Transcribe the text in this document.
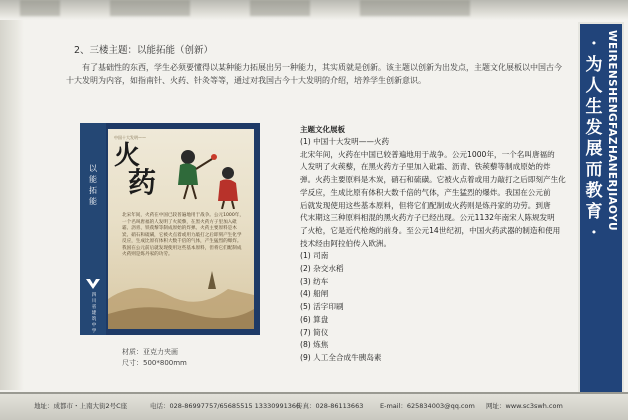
·为人生发展而教育·
WEIRENSHENGFAZHANERJIAOYU
2、三楼主题：以能拓能（创新）
有了基础性的东西，学生必须要懂得以某种能力拓展出另一种能力，其实质就是创新。该主题以创新为出发点，主题文化展板以中国古今十大发明为内容，如指南针、火药、针灸等等，通过对我国古今十大发明的介绍，培养学生创新意识。
以能拓能
四川省建筑中学
中国十大发明——
火
药
北宋年间，火药在中国已较普遍地用于战争。公元1000年，一个名叫唐福的人发明了火蒺藜，在黑火药方子里加入砒霜、沥青、铁蒺藜等制成原始的炸弹。火药主要原料是木炭、硝石和硫磺，它被火点着或用力敲打之后即刻产生化学反应，生成比原有体积大数千倍的气体，产生猛烈的爆炸。我国在公元前后就发现使用这些基本原料，但将它们配制成火药则是炼丹家的功劳。
材质：亚克力夹画
尺寸：500*800mm
主题文化展板
(1) 中国十大发明——火药
北宋年间，火药在中国已较普遍地用于战争。公元1000年，一个名叫唐福的
人发明了火蒺藜，在黑火药方子里加入砒霜、沥青、铁蒺藜等制成原始的炸
弹。火药主要原料是木炭，硝石和硫磺。它被火点着或用力敲打之后即刻产生化
学反应，生成比原有体积大数千倍的气体，产生猛烈的爆炸。我国在公元前
后就发现使用这些基本原料，但将它们配制成火药则是炼丹家的功劳。到唐
代末期这三种原料相混的黑火药方子已经出现。公元1132年南宋人陈规发明
了火枪，它是近代枪炮的前身。至公元14世纪初，中国火药武器的制造和使用
技术经由阿拉伯传入欧洲。
(1) 司南
(2) 杂交水稻
(3) 纺车
(4) 船闸
(5) 活字印刷
(6) 算盘
(7) 简仪
(8) 炼焦
(9) 人工全合成牛胰岛素
地址：成都市・上南大街2号C座	电话：028-86997757/65685515 13330991366
传真：028-86113663	E-mail：625834003@qq.com 网址：www.sc3swh.com
